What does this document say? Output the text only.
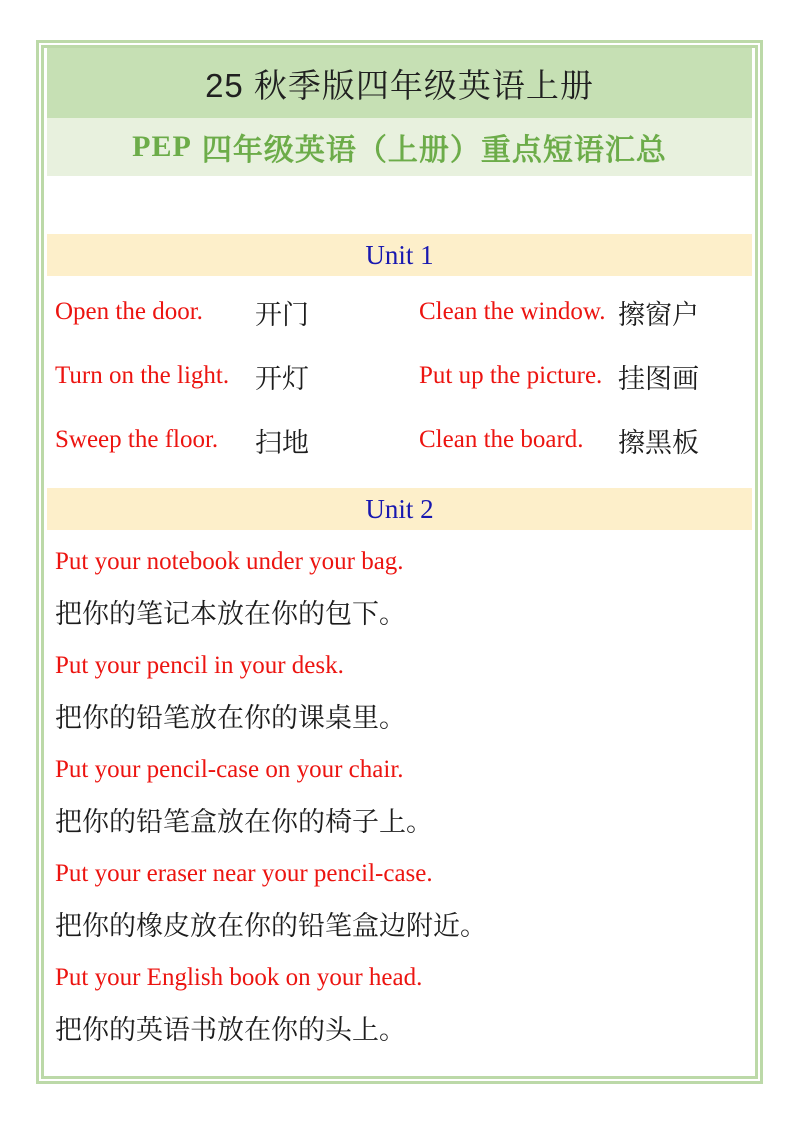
25 秋季版四年级英语上册
PEP 四年级英语（上册）重点短语汇总
Unit 1
Open the door.	开门	Clean the window. 擦窗户
Turn on the light. 开灯	Put up the picture. 挂图画
Sweep the floor.	扫地	Clean the board.	擦黑板
Unit 2

Put your notebook under your bag.

把你的笔记本放在你的包下。

Put your pencil in your desk.

把你的铅笔放在你的课桌里。

Put your pencil-case on your chair.

把你的铅笔盒放在你的椅子上。

Put your eraser near your pencil-case.

把你的橡皮放在你的铅笔盒边附近。

Put your English book on your head.

把你的英语书放在你的头上。
